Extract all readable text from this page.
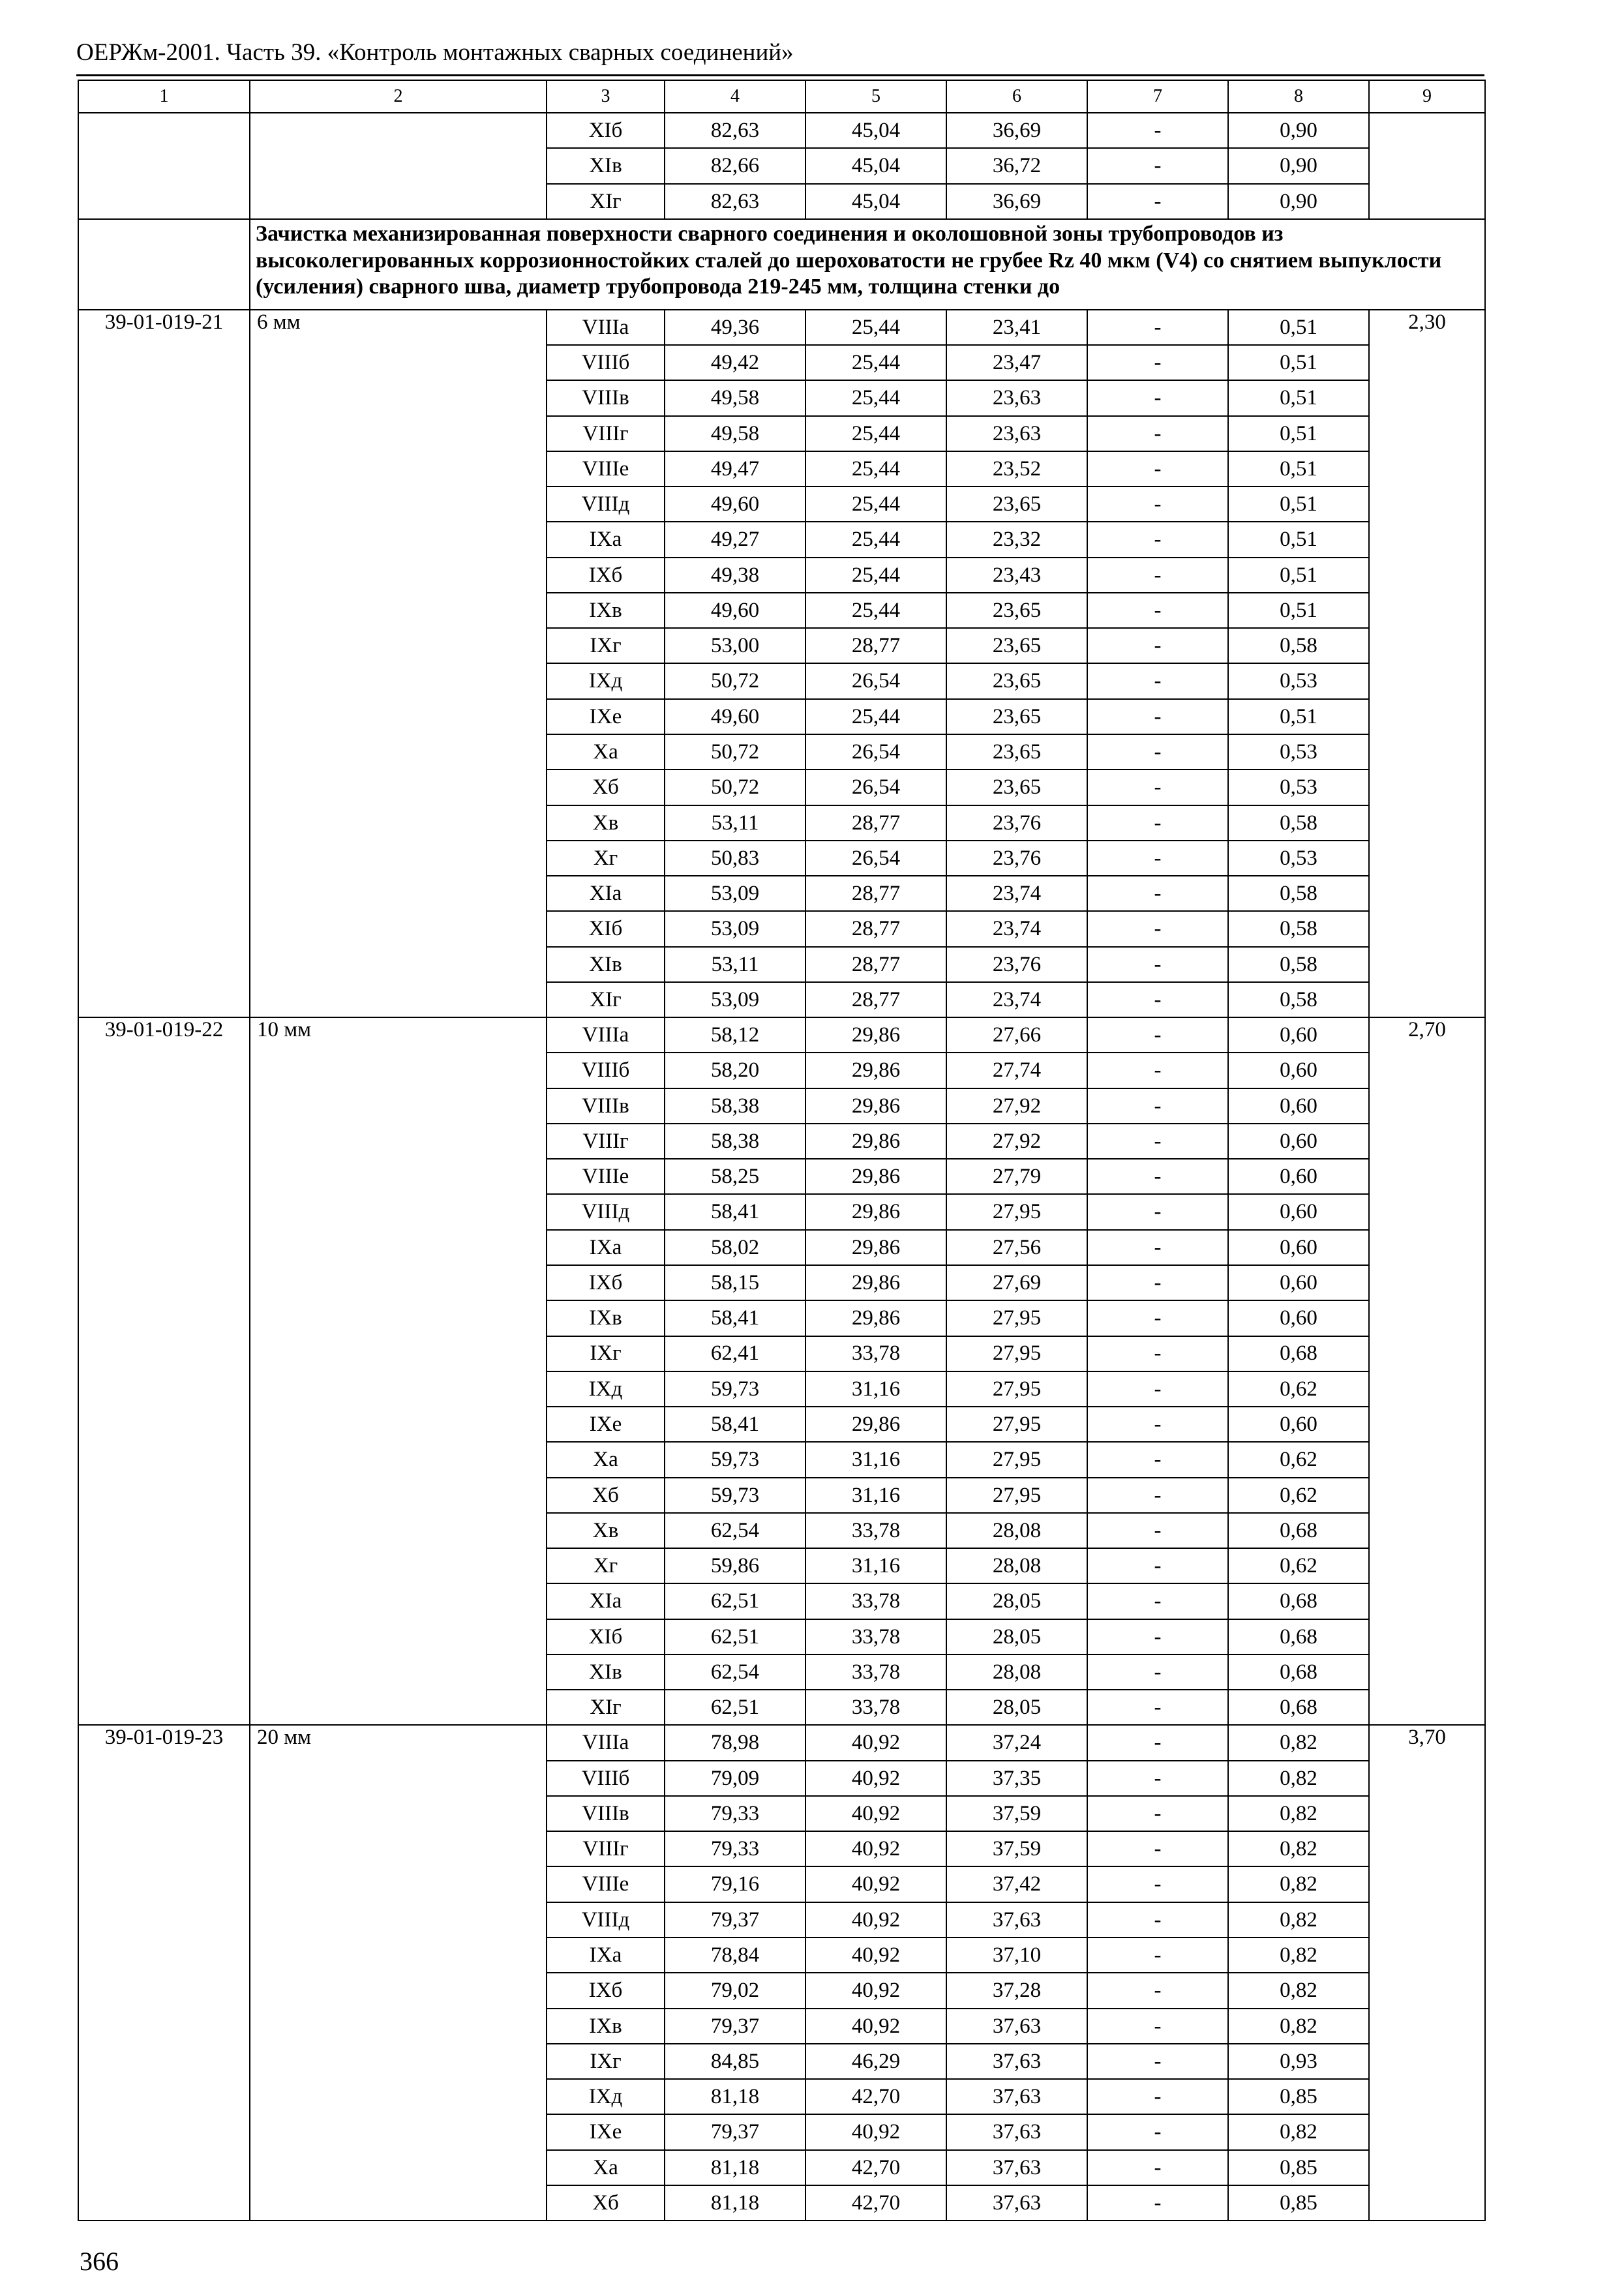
ОЕРЖм-2001. Часть 39. «Контроль монтажных сварных соединений»
1	2	3	4	5	6	7	8	9
		XIб	82,63	45,04	36,69	-	0,90	
		XIв	82,66	45,04	36,72	-	0,90	
		XIг	82,63	45,04	36,69	-	0,90	
	Зачистка механизированная поверхности сварного соединения и околошовной зоны трубопроводов из высоколегированных коррозионностойких сталей до шероховатости не грубее Rz 40 мкм (V4) со снятием выпуклости (усиления) сварного шва, диаметр трубопровода 219-245 мм, толщина стенки до							
39-01-019-21	6 мм	VIIIа	49,36	25,44	23,41	-	0,51	2,30
		VIIIб	49,42	25,44	23,47	-	0,51	
		VIIIв	49,58	25,44	23,63	-	0,51	
		VIIIг	49,58	25,44	23,63	-	0,51	
		VIIIе	49,47	25,44	23,52	-	0,51	
		VIIIд	49,60	25,44	23,65	-	0,51	
		IXа	49,27	25,44	23,32	-	0,51	
		IXб	49,38	25,44	23,43	-	0,51	
		IXв	49,60	25,44	23,65	-	0,51	
		IXг	53,00	28,77	23,65	-	0,58	
		IXд	50,72	26,54	23,65	-	0,53	
		IXе	49,60	25,44	23,65	-	0,51	
		Xа	50,72	26,54	23,65	-	0,53	
		Xб	50,72	26,54	23,65	-	0,53	
		Xв	53,11	28,77	23,76	-	0,58	
		Xг	50,83	26,54	23,76	-	0,53	
		XIа	53,09	28,77	23,74	-	0,58	
		XIб	53,09	28,77	23,74	-	0,58	
		XIв	53,11	28,77	23,76	-	0,58	
		XIг	53,09	28,77	23,74	-	0,58	
39-01-019-22	10 мм	VIIIа	58,12	29,86	27,66	-	0,60	2,70
		VIIIб	58,20	29,86	27,74	-	0,60	
		VIIIв	58,38	29,86	27,92	-	0,60	
		VIIIг	58,38	29,86	27,92	-	0,60	
		VIIIе	58,25	29,86	27,79	-	0,60	
		VIIIд	58,41	29,86	27,95	-	0,60	
		IXа	58,02	29,86	27,56	-	0,60	
		IXб	58,15	29,86	27,69	-	0,60	
		IXв	58,41	29,86	27,95	-	0,60	
		IXг	62,41	33,78	27,95	-	0,68	
		IXд	59,73	31,16	27,95	-	0,62	
		IXе	58,41	29,86	27,95	-	0,60	
		Xа	59,73	31,16	27,95	-	0,62	
		Xб	59,73	31,16	27,95	-	0,62	
		Xв	62,54	33,78	28,08	-	0,68	
		Xг	59,86	31,16	28,08	-	0,62	
		XIа	62,51	33,78	28,05	-	0,68	
		XIб	62,51	33,78	28,05	-	0,68	
		XIв	62,54	33,78	28,08	-	0,68	
		XIг	62,51	33,78	28,05	-	0,68	
39-01-019-23	20 мм	VIIIа	78,98	40,92	37,24	-	0,82	3,70
		VIIIб	79,09	40,92	37,35	-	0,82	
		VIIIв	79,33	40,92	37,59	-	0,82	
		VIIIг	79,33	40,92	37,59	-	0,82	
		VIIIе	79,16	40,92	37,42	-	0,82	
		VIIIд	79,37	40,92	37,63	-	0,82	
		IXа	78,84	40,92	37,10	-	0,82	
		IXб	79,02	40,92	37,28	-	0,82	
		IXв	79,37	40,92	37,63	-	0,82	
		IXг	84,85	46,29	37,63	-	0,93	
		IXд	81,18	42,70	37,63	-	0,85	
		IXе	79,37	40,92	37,63	-	0,82	
		Xа	81,18	42,70	37,63	-	0,85	
		Xб	81,18	42,70	37,63	-	0,85	
366
